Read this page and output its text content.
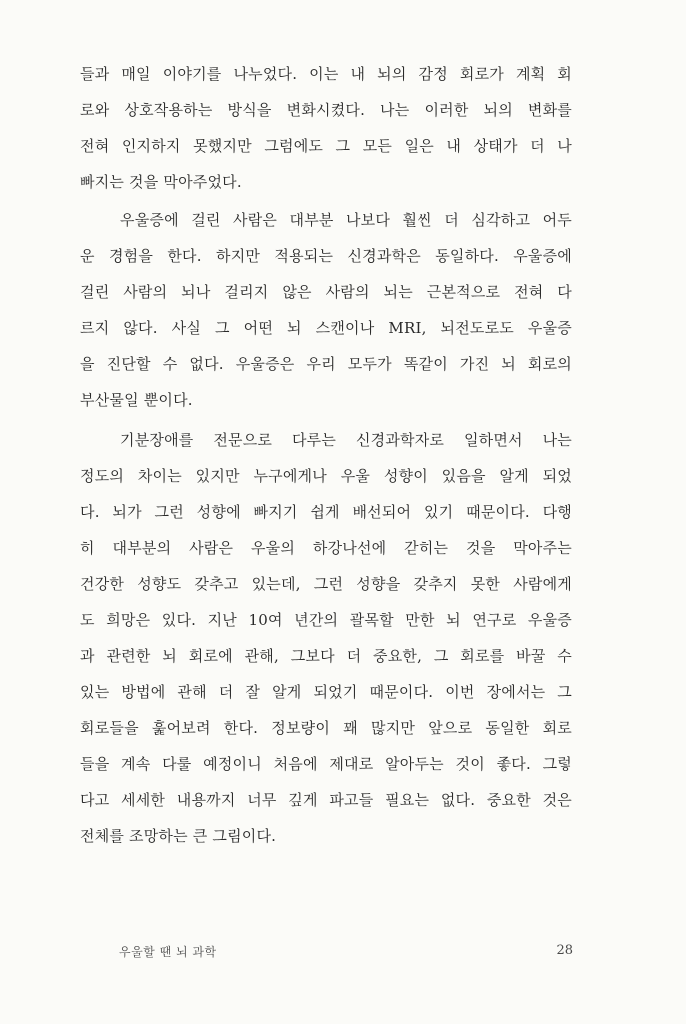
들과 매일 이야기를 나누었다. 이는 내 뇌의 감정 회로가 계획 회
로와 상호작용하는 방식을 변화시켰다. 나는 이러한 뇌의 변화를
전혀 인지하지 못했지만 그럼에도 그 모든 일은 내 상태가 더 나
빠지는 것을 막아주었다.
우울증에 걸린 사람은 대부분 나보다 훨씬 더 심각하고 어두
운 경험을 한다. 하지만 적용되는 신경과학은 동일하다. 우울증에
걸린 사람의 뇌나 걸리지 않은 사람의 뇌는 근본적으로 전혀 다
르지 않다. 사실 그 어떤 뇌 스캔이나 MRI, 뇌전도로도 우울증
을 진단할 수 없다. 우울증은 우리 모두가 똑같이 가진 뇌 회로의
부산물일 뿐이다.
기분장애를 전문으로 다루는 신경과학자로 일하면서 나는
정도의 차이는 있지만 누구에게나 우울 성향이 있음을 알게 되었
다. 뇌가 그런 성향에 빠지기 쉽게 배선되어 있기 때문이다. 다행
히 대부분의 사람은 우울의 하강나선에 갇히는 것을 막아주는
건강한 성향도 갖추고 있는데, 그런 성향을 갖추지 못한 사람에게
도 희망은 있다. 지난 10여 년간의 괄목할 만한 뇌 연구로 우울증
과 관련한 뇌 회로에 관해, 그보다 더 중요한, 그 회로를 바꿀 수
있는 방법에 관해 더 잘 알게 되었기 때문이다. 이번 장에서는 그
회로들을 훑어보려 한다. 정보량이 꽤 많지만 앞으로 동일한 회로
들을 계속 다룰 예정이니 처음에 제대로 알아두는 것이 좋다. 그렇
다고 세세한 내용까지 너무 깊게 파고들 필요는 없다. 중요한 것은
전체를 조망하는 큰 그림이다.
우울할 땐 뇌 과학	28
